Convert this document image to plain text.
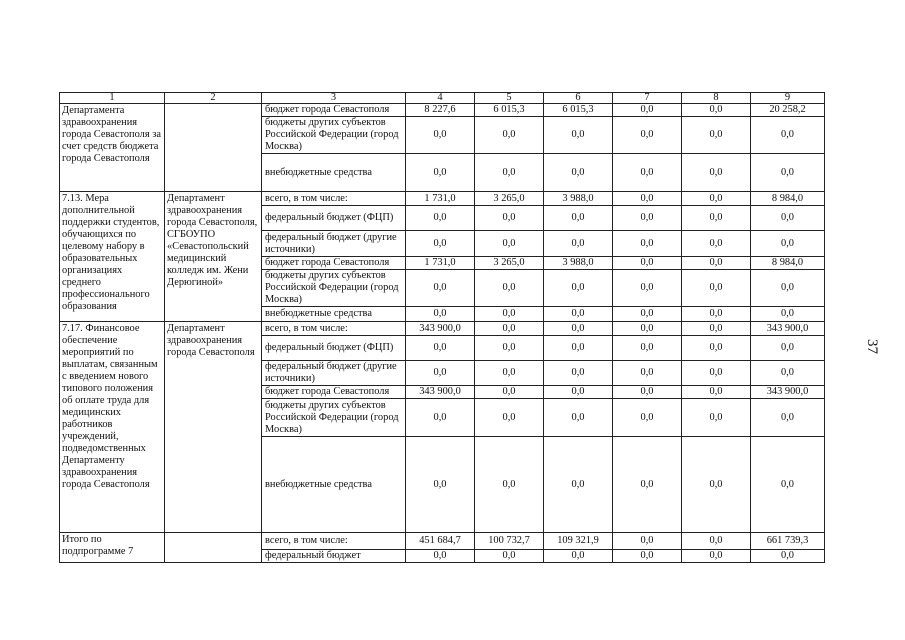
1	2	3	4	5	6	7	8	9
Департамента здравоохранения города Севастополя за счет средств бюджета города Севастополя		бюджет города Севастополя	8 227,6	6 015,3	6 015,3	0,0	0,0	20 258,2
		бюджеты других субъектов Российской Федерации (город Москва)	0,0	0,0	0,0	0,0	0,0	0,0
		внебюджетные средства	0,0	0,0	0,0	0,0	0,0	0,0
7.13. Мера дополнительной поддержки студентов, обучающихся по целевому набору в образовательных организациях среднего профессионального образования	Департамент здравоохранения города Севастополя, СГБОУПО «Севастопольский медицинский колледж им. Жени Дерюгиной»	всего, в том числе:	1 731,0	3 265,0	3 988,0	0,0	0,0	8 984,0
		федеральный бюджет (ФЦП)	0,0	0,0	0,0	0,0	0,0	0,0
		федеральный бюджет (другие источники)	0,0	0,0	0,0	0,0	0,0	0,0
		бюджет города Севастополя	1 731,0	3 265,0	3 988,0	0,0	0,0	8 984,0
		бюджеты других субъектов Российской Федерации (город Москва)	0,0	0,0	0,0	0,0	0,0	0,0
		внебюджетные средства	0,0	0,0	0,0	0,0	0,0	0,0
7.17. Финансовое обеспечение мероприятий по выплатам, связанным с введением нового типового положения об оплате труда для медицинских работников учреждений, подведомственных Департаменту здравоохранения города Севастополя	Департамент здравоохранения города Севастополя	всего, в том числе:	343 900,0	0,0	0,0	0,0	0,0	343 900,0
		федеральный бюджет (ФЦП)	0,0	0,0	0,0	0,0	0,0	0,0
		федеральный бюджет (другие источники)	0,0	0,0	0,0	0,0	0,0	0,0
		бюджет города Севастополя	343 900,0	0,0	0,0	0,0	0,0	343 900,0
		бюджеты других субъектов Российской Федерации (город Москва)	0,0	0,0	0,0	0,0	0,0	0,0
		внебюджетные средства	0,0	0,0	0,0	0,0	0,0	0,0
Итого по подпрограмме 7		всего, в том числе:	451 684,7	100 732,7	109 321,9	0,0	0,0	661 739,3
		федеральный бюджет	0,0	0,0	0,0	0,0	0,0	0,0
37
